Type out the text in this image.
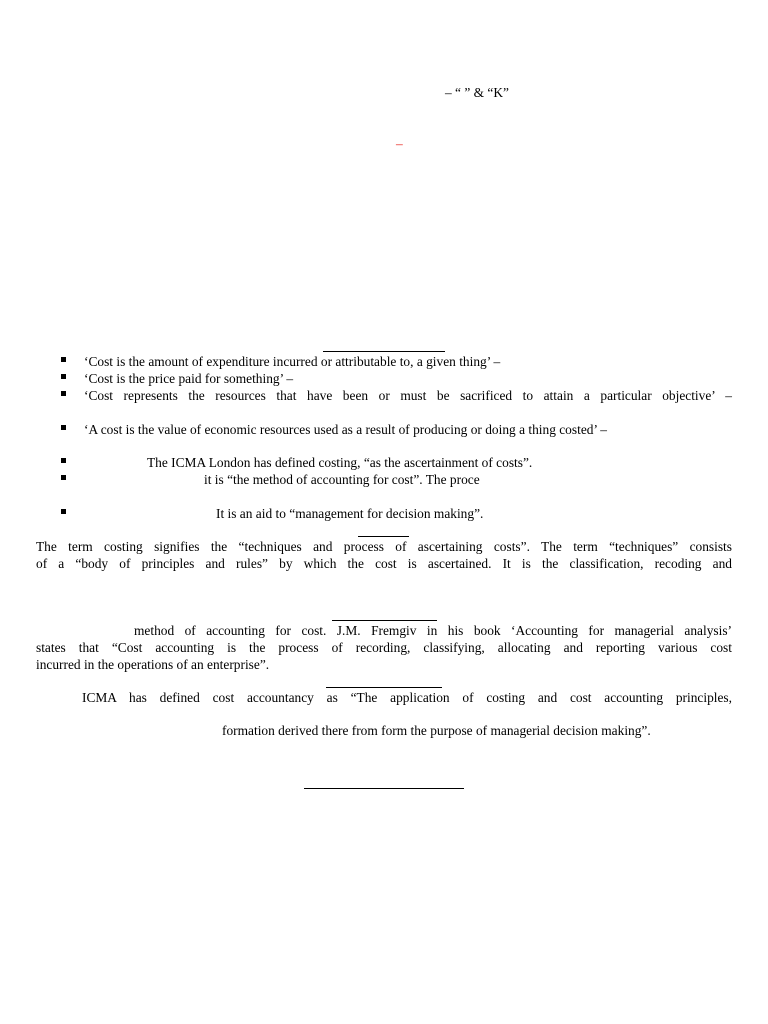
– “ ” & “K”
–
‘Cost is the amount of expenditure incurred or attributable to, a given thing’ –
‘Cost is the price paid for something’ –
‘Cost represents the resources that have been or must be sacrificed to attain a particular objective’ –
‘A cost is the value of economic resources used as a result of producing or doing a thing costed’ –
The ICMA London has defined costing, “as the ascertainment of costs”.
it is “the method of accounting for cost”. The proce
It is an aid to “management for decision making”.
The term costing signifies the “techniques and process of ascertaining costs”. The term “techniques” consists
of a “body of principles and rules” by which the cost is ascertained. It is the classification, recoding and
method of accounting for cost. J.M. Fremgiv in his book ‘Accounting for managerial analysis’
states that “Cost accounting is the process of recording, classifying, allocating and reporting various cost
incurred in the operations of an enterprise”.
ICMA has defined cost accountancy as “The application of costing and cost accounting principles,
formation derived there from form the purpose of managerial decision making”.
